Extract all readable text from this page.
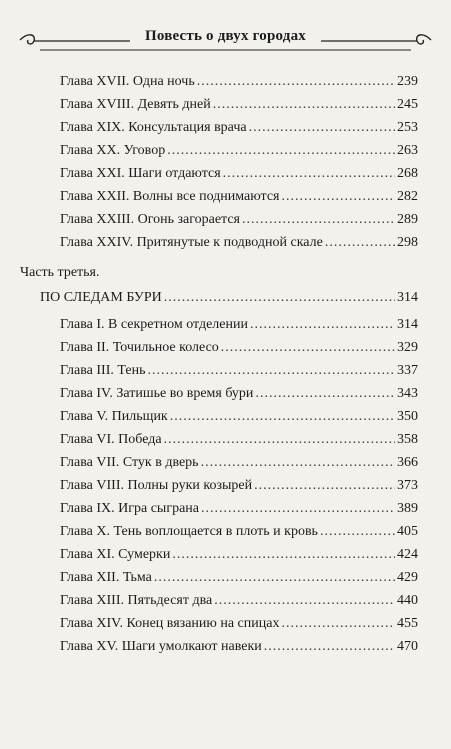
Повесть о двух городах
Глава XVII. Одна ночь .....	239
Глава XVIII. Девять дней .....	245
Глава XIX. Консультация врача .....	253
Глава XX. Уговор .....	263
Глава XXI. Шаги отдаются .....	268
Глава XXII. Волны все поднимаются .....	282
Глава XXIII. Огонь загорается .....	289
Глава XXIV. Притянутые к подводной скале .....	298
Часть третья.
ПО СЛЕДАМ БУРИ .....	314
Глава I. В секретном отделении .....	314
Глава II. Точильное колесо .....	329
Глава III. Тень .....	337
Глава IV. Затишье во время бури .....	343
Глава V. Пильщик .....	350
Глава VI. Победа .....	358
Глава VII. Стук в дверь .....	366
Глава VIII. Полны руки козырей .....	373
Глава IX. Игра сыграна .....	389
Глава X. Тень воплощается в плоть и кровь .....	405
Глава XI. Сумерки .....	424
Глава XII. Тьма .....	429
Глава XIII. Пятьдесят два .....	440
Глава XIV. Конец вязанию на спицах .....	455
Глава XV. Шаги умолкают навеки .....	470
